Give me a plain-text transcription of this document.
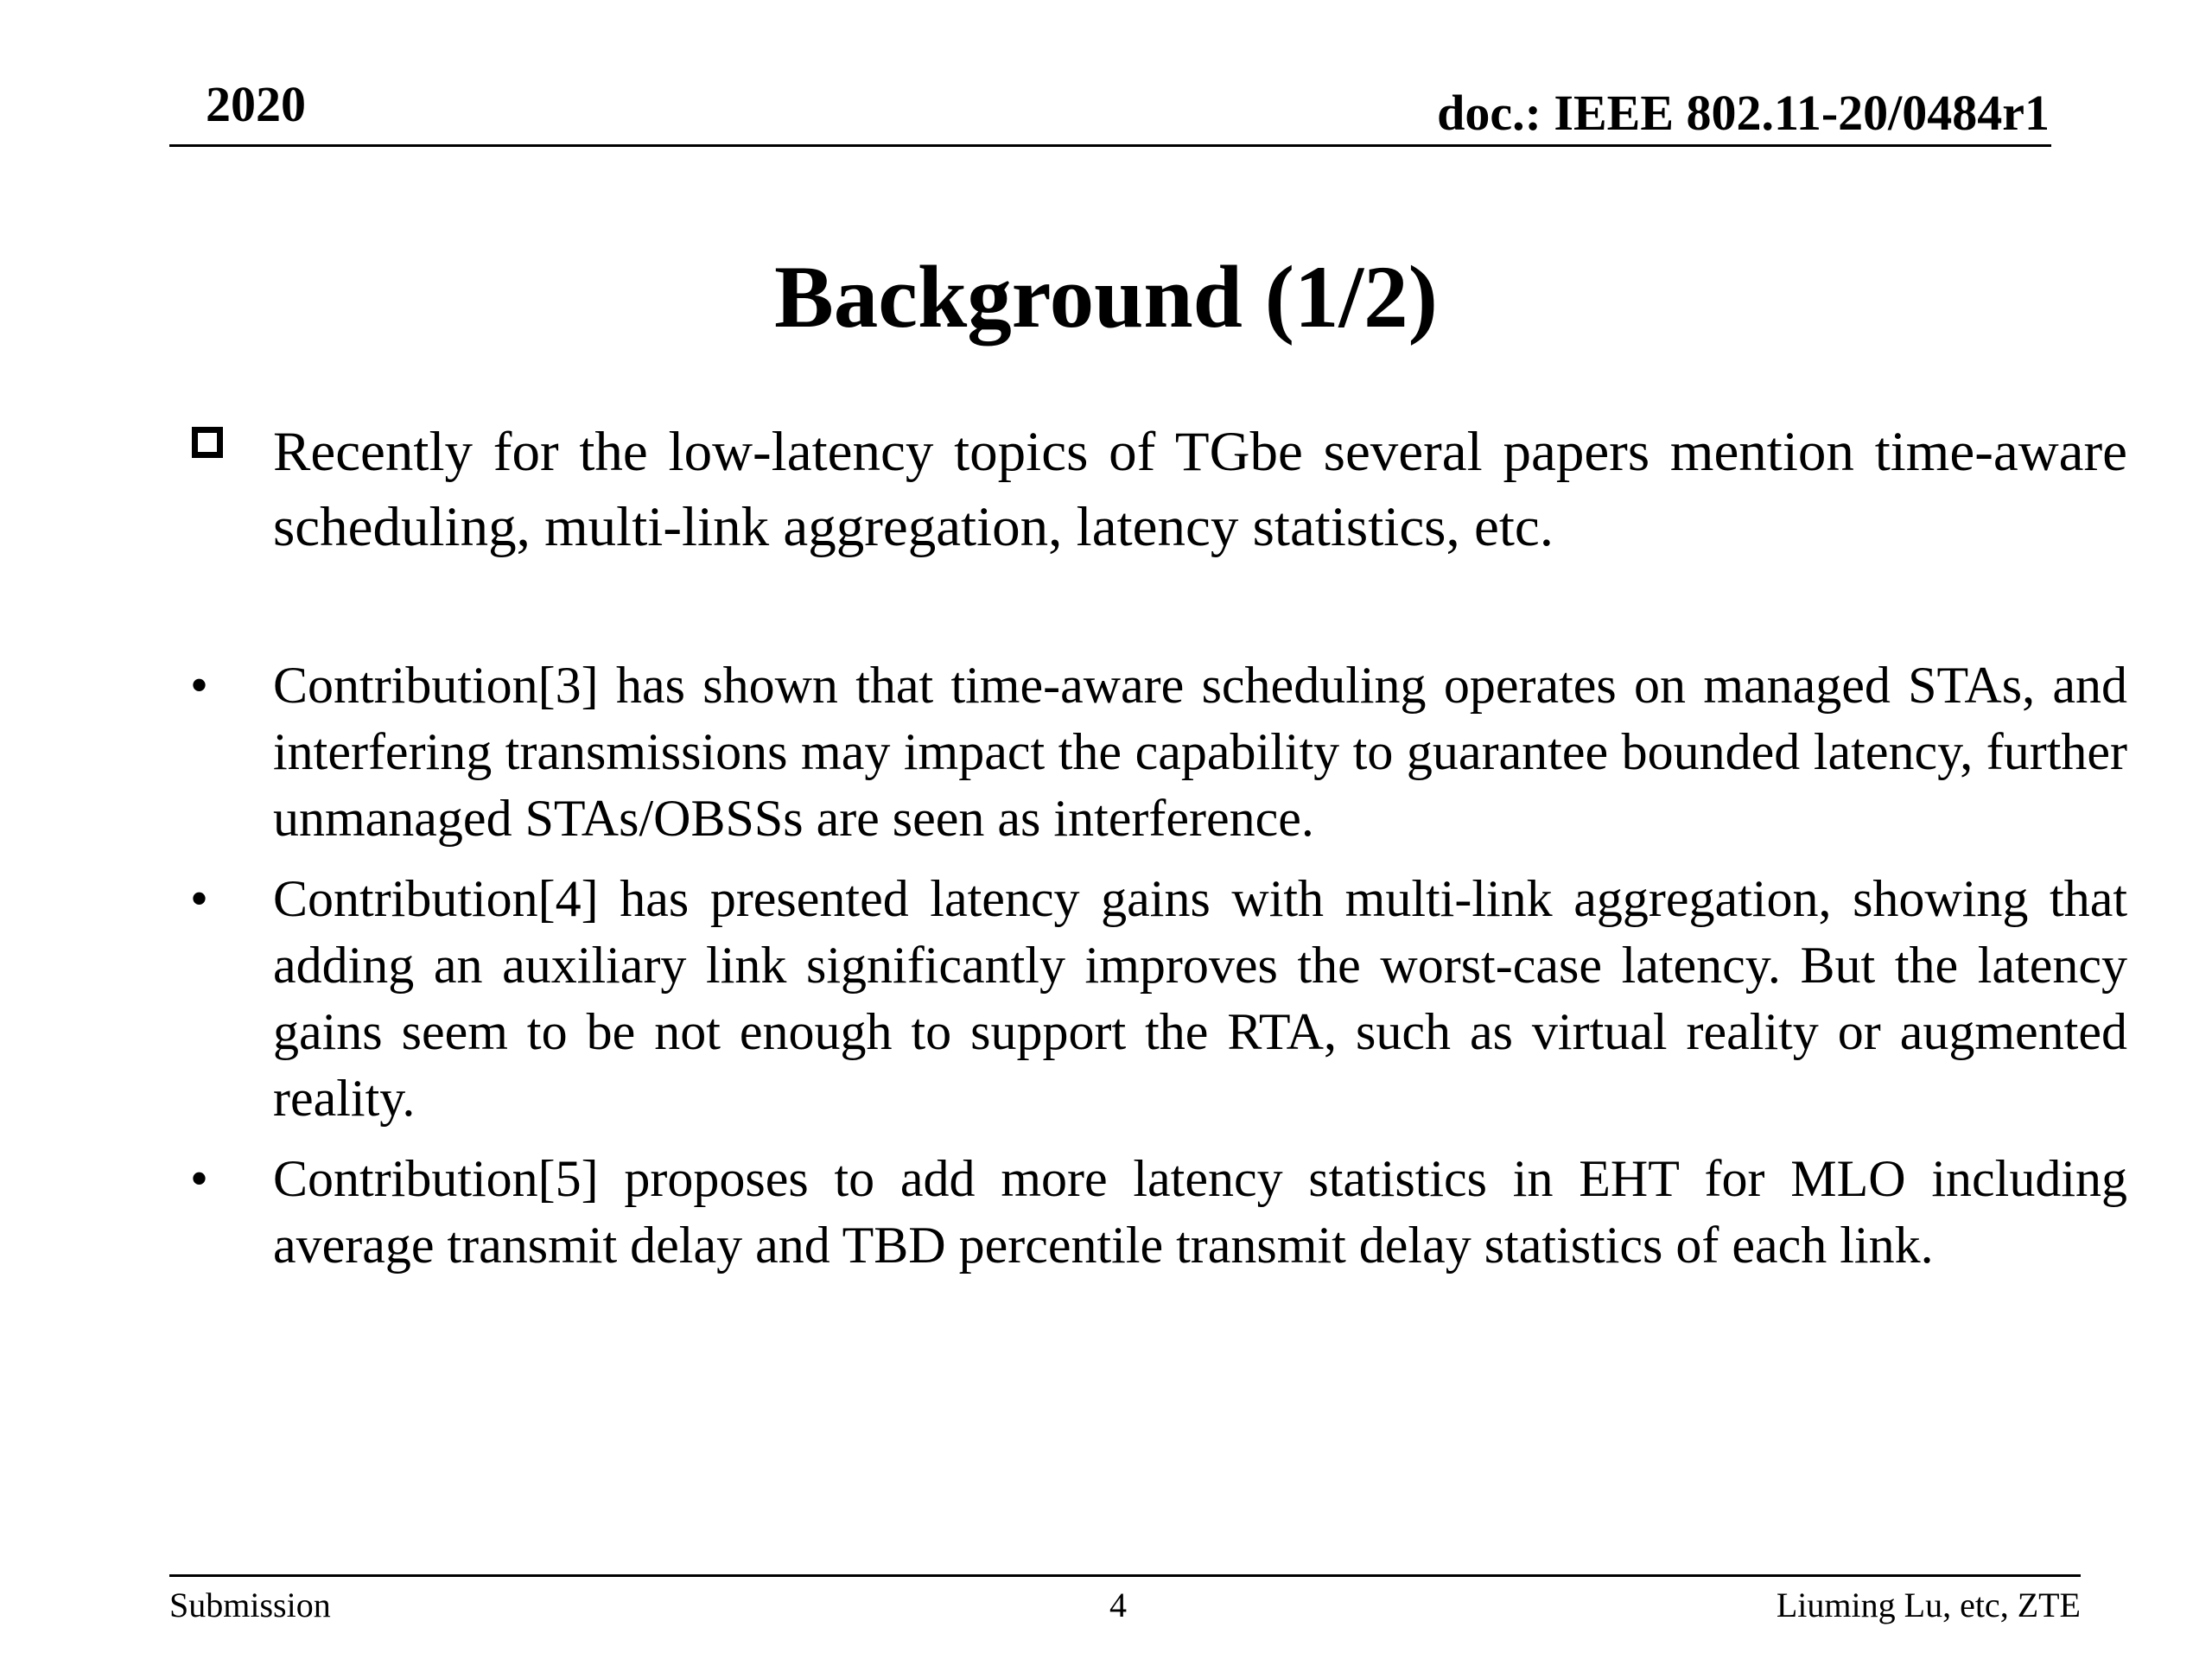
2020	doc.: IEEE 802.11-20/0484r1
Background (1/2)
Recently for the low-latency topics of TGbe several papers mention time-aware scheduling, multi-link aggregation, latency statistics, etc.
• Contribution[3] has shown that time-aware scheduling operates on managed STAs, and interfering transmissions may impact the capability to guarantee bounded latency, further unmanaged STAs/OBSSs are seen as interference.
• Contribution[4] has presented latency gains with multi-link aggregation, showing that adding an auxiliary link significantly improves the worst-case latency. But the latency gains seem to be not enough to support the RTA, such as virtual reality or augmented reality.
• Contribution[5] proposes to add more latency statistics in EHT for MLO including average transmit delay and TBD percentile transmit delay statistics of each link.
Submission	4	Liuming Lu, etc, ZTE
